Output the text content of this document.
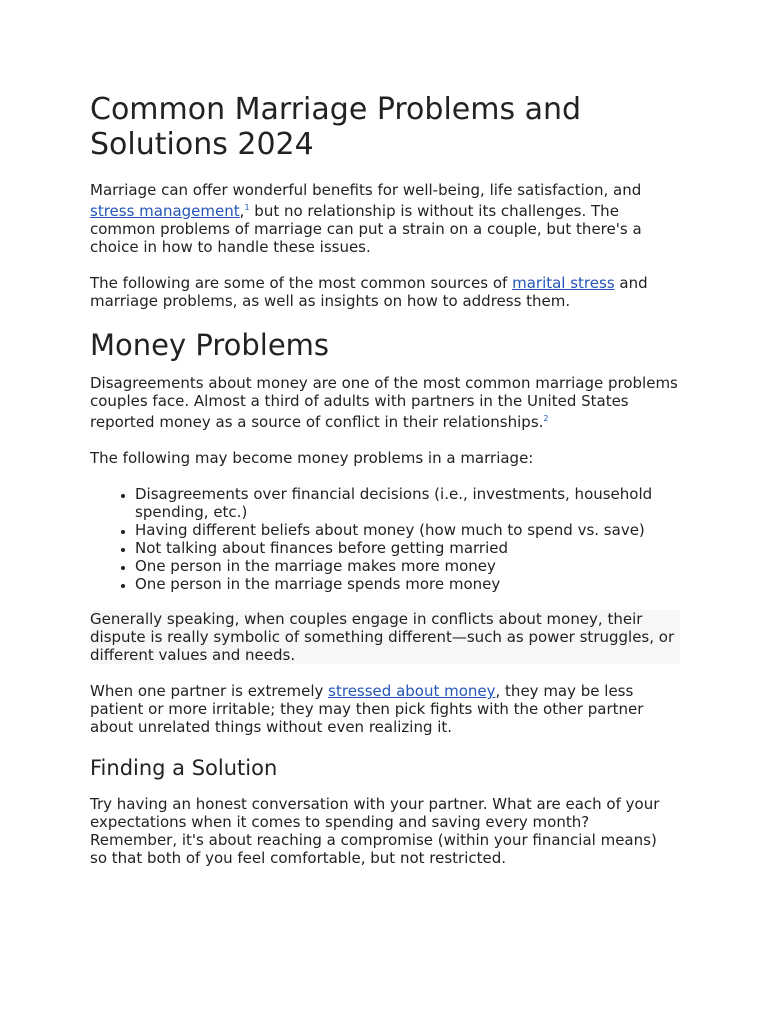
Common Marriage Problems and Solutions 2024

Marriage can offer wonderful benefits for well-being, life satisfaction, and stress management,$^1$ but no relationship is without its challenges. The common problems of marriage can put a strain on a couple, but there's a choice in how to handle these issues.

The following are some of the most common sources of marital stress and marriage problems, as well as insights on how to address them.

Money Problems

Disagreements about money are one of the most common marriage problems couples face. Almost a third of adults with partners in the United States reported money as a source of conflict in their relationships.$^2$

The following may become money problems in a marriage:

• Disagreements over financial decisions (i.e., investments, household spending, etc.)
• Having different beliefs about money (how much to spend vs. save)
• Not talking about finances before getting married
• One person in the marriage makes more money
• One person in the marriage spends more money

Generally speaking, when couples engage in conflicts about money, their dispute is really symbolic of something different—such as power struggles, or different values and needs.

When one partner is extremely stressed about money, they may be less patient or more irritable; they may then pick fights with the other partner about unrelated things without even realizing it.

Finding a Solution

Try having an honest conversation with your partner. What are each of your expectations when it comes to spending and saving every month? Remember, it's about reaching a compromise (within your financial means) so that both of you feel comfortable, but not restricted.
